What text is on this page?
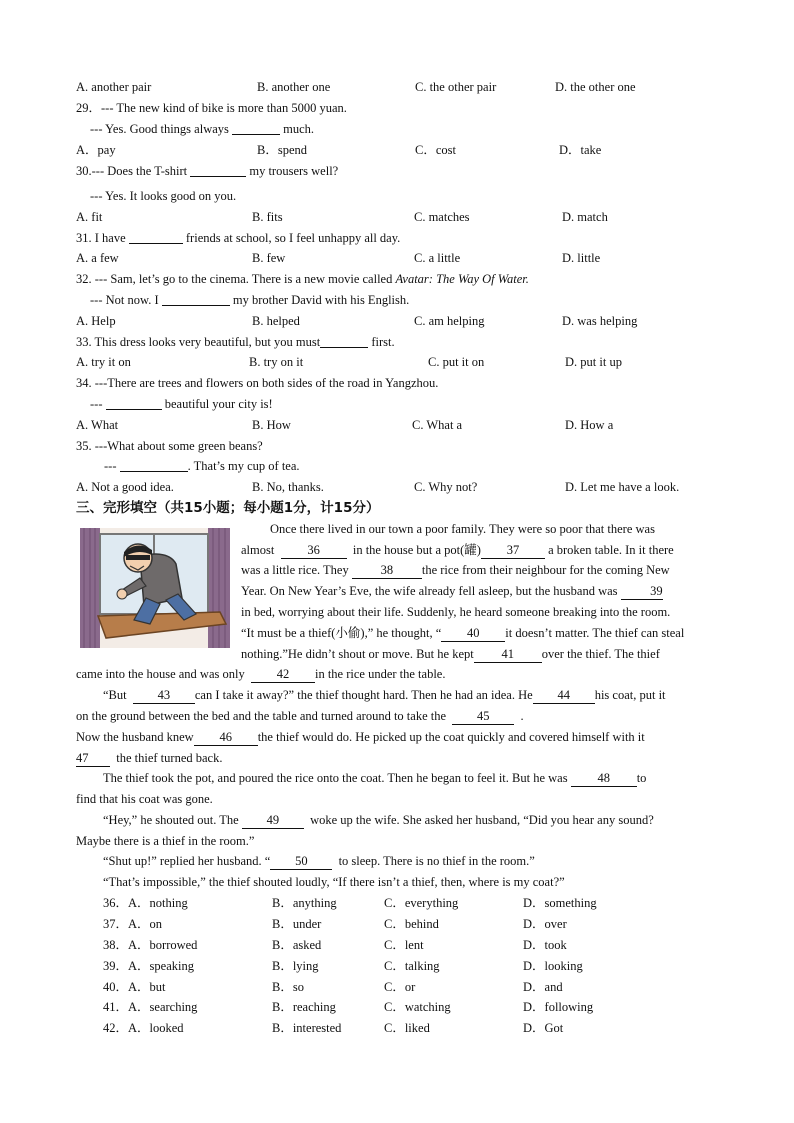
A. another pair	B. another one	C. the other pair	D. the other one
29．--- The new kind of bike is more than 5000 yuan.
--- Yes. Good things always	much.
A．pay	B．spend	C．cost	D．take
30.--- Does the T-shirt	my trousers well?
--- Yes. It looks good on you.
A. fit	B. fits	C. matches	D. match
31. I have	friends at school, so I feel unhappy all day.
A. a few	B. few	C. a little	D. little
32. --- Sam, let’s go to the cinema. There is a new movie called Avatar: The Way Of Water.
--- Not now. I	my brother David with his English.
A. Help	B. helped	C. am helping	D. was helping
33. This dress looks very beautiful, but you must	first.
A. try it on	B. try on it	C. put it on	D. put it up
34. ---There are trees and flowers on both sides of the road in Yangzhou.
---	beautiful your city is!
A. What	B. How	C. What a	D. How a
35. ---What about some green beans?
---	. That’s my cup of tea.
A. Not a good idea.	B. No, thanks.	C. Why not?	D. Let me have a look.
三、完形填空（共15小题；每小题1分，计15分）
Once there lived in our town a poor family. They were so poor that there was
almost	36	in the house but a pot(罐) 37 a broken table. In it there
was a little rice. They	38 the rice from their neighbour for the coming New
Year. On New Year’s Eve, the wife already fell asleep, but the husband was	39
in bed, worrying about their life. Suddenly, he heard someone breaking into the room.
“It must be a thief(小偷),” he thought, “ 40 it doesn’t matter. The thief can steal
nothing.”He didn’t shout or move. But he kept 41 over the thief. The thief
came into the house and was only	42 in the rice under the table.
“But 43 can I take it away?” the thief thought hard. Then he had an idea. He 44 his coat, put it
on the ground between the bed and the table and turned around to take the 45 .
Now the husband knew 46 the thief would do. He picked up the coat quickly and covered himself with it
47 the thief turned back.
The thief took the pot, and poured the rice onto the coat. Then he began to feel it. But he was 48 to
find that his coat was gone.
“Hey,” he shouted out. The 49 woke up the wife. She asked her husband, “Did you hear any sound?
Maybe there is a thief in the room.”
“Shut up!” replied her husband. “ 50 to sleep. There is no thief in the room.”
“That’s impossible,” the thief shouted loudly, “If there isn’t a thief, then, where is my coat?”
36．A．nothing	B．anything	C．everything	D．something
37．A．on	B．under	C．behind	D．over
38．A．borrowed	B．asked	C．lent	D．took
39．A．speaking	B．lying	C．talking	D．looking
40．A．but	B．so	C．or	D．and
41．A．searching	B．reaching	C．watching	D．following
42．A．looked	B．interested	C．liked	D．Got
